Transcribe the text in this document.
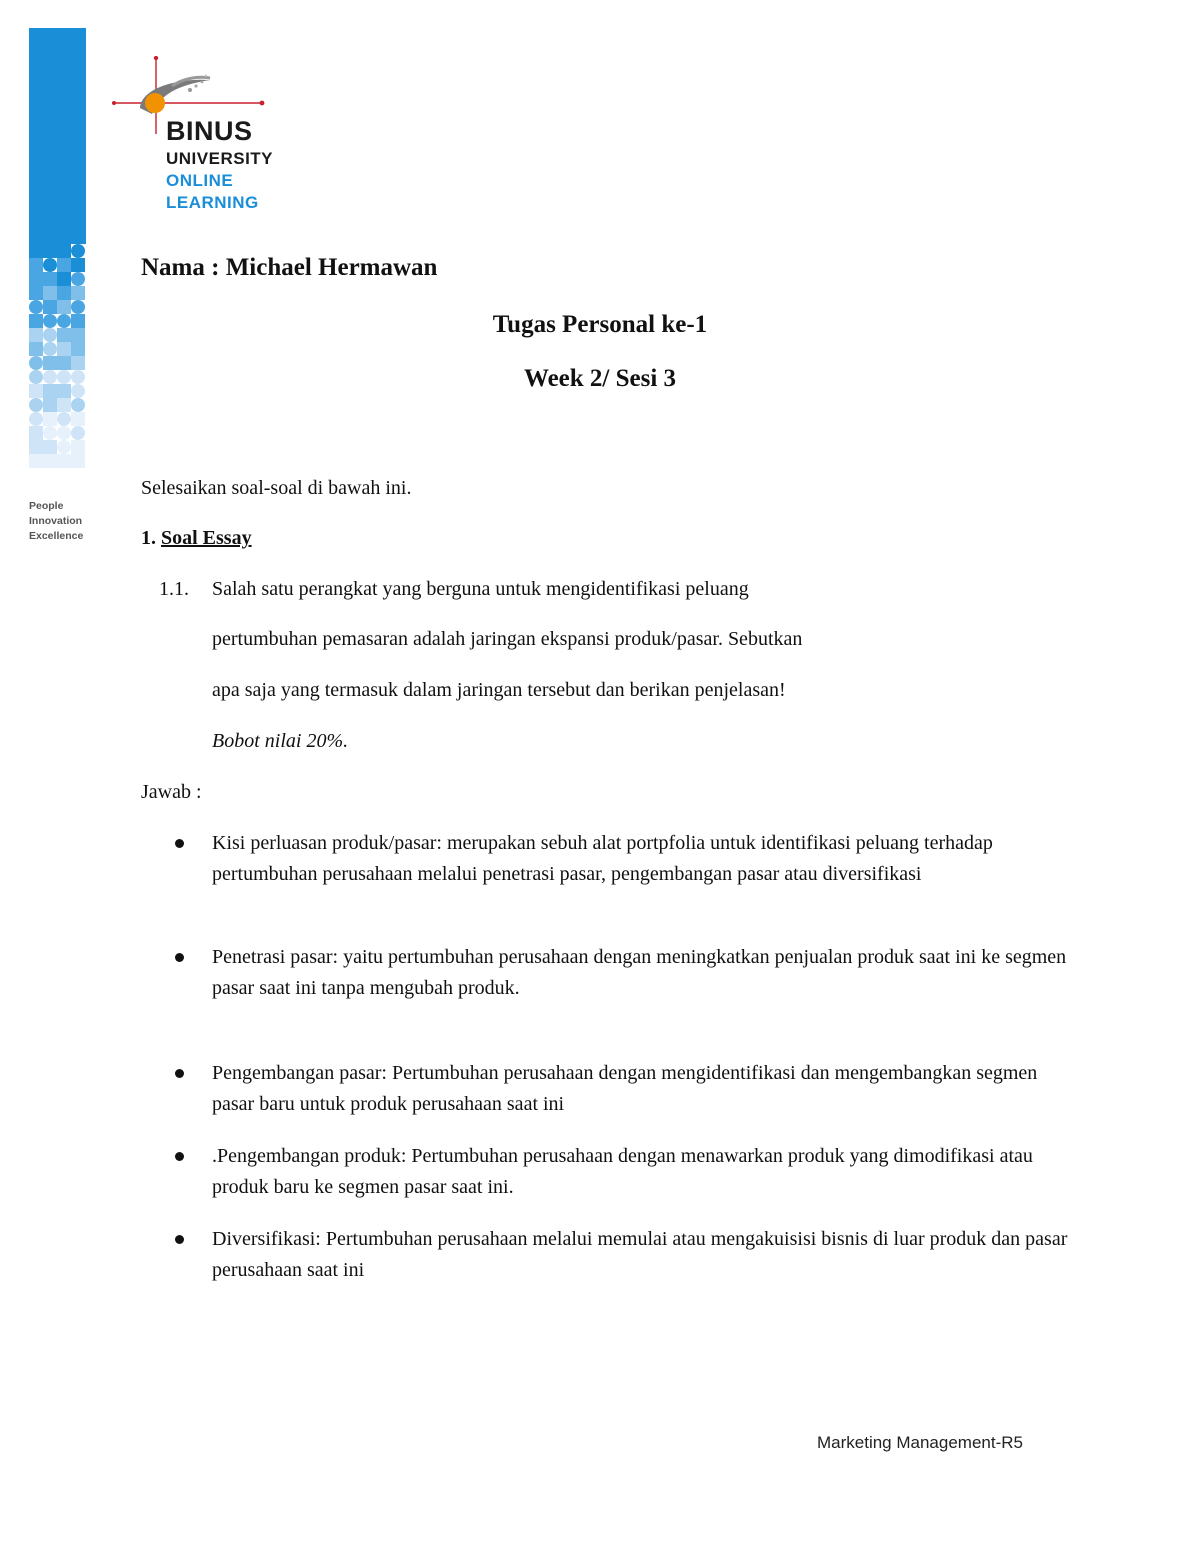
People
Innovation
Excellence
BINUS
UNIVERSITY
ONLINE
LEARNING
Nama : Michael Hermawan
Tugas Personal ke-1
Week 2/ Sesi 3
Selesaikan soal-soal di bawah ini.
1. Soal Essay
1.1. Salah satu perangkat yang berguna untuk mengidentifikasi peluang
pertumbuhan pemasaran adalah jaringan ekspansi produk/pasar. Sebutkan
apa saja yang termasuk dalam jaringan tersebut dan berikan penjelasan!
Bobot nilai 20%.
Jawab :
Kisi perluasan produk/pasar: merupakan sebuh alat portpfolia untuk identifikasi peluang terhadap pertumbuhan perusahaan melalui penetrasi pasar, pengembangan pasar atau diversifikasi
Penetrasi pasar: yaitu pertumbuhan perusahaan dengan meningkatkan penjualan produk saat ini ke segmen pasar saat ini tanpa mengubah produk.
Pengembangan pasar: Pertumbuhan perusahaan dengan mengidentifikasi dan mengembangkan segmen pasar baru untuk produk perusahaan saat ini
.Pengembangan produk: Pertumbuhan perusahaan dengan menawarkan produk yang dimodifikasi atau produk baru ke segmen pasar saat ini.
Diversifikasi: Pertumbuhan perusahaan melalui memulai atau mengakuisisi bisnis di luar produk dan pasar perusahaan saat ini
Marketing Management-R5
